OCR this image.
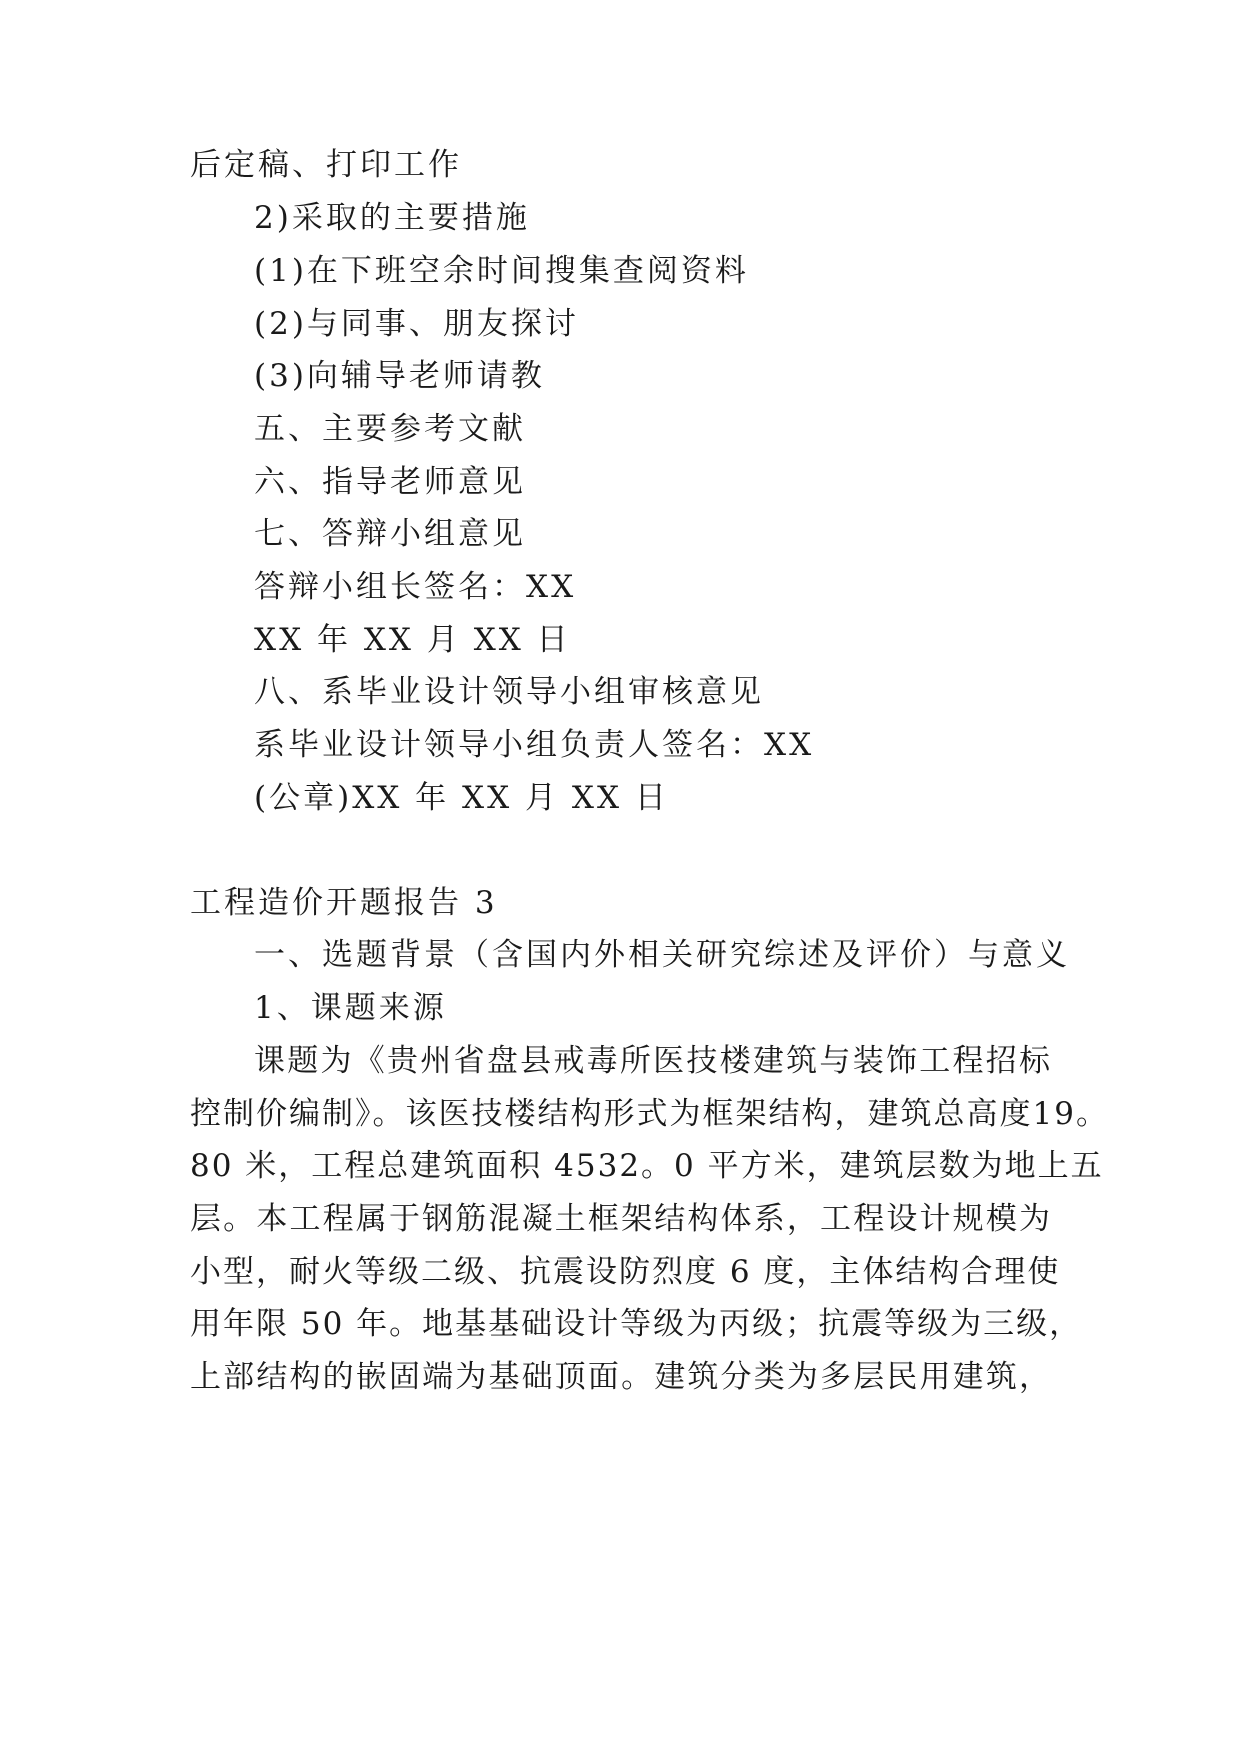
后定稿、打印工作
2)采取的主要措施
(1)在下班空余时间搜集查阅资料
(2)与同事、朋友探讨
(3)向辅导老师请教
五、主要参考文献
六、指导老师意见
七、答辩小组意见
答辩小组长签名：XX
XX 年 XX 月 XX 日
八、系毕业设计领导小组审核意见
系毕业设计领导小组负责人签名：XX
(公章)XX 年 XX 月 XX 日
工程造价开题报告 3
一、选题背景（含国内外相关研究综述及评价）与意义
1、课题来源
课题为《贵州省盘县戒毒所医技楼建筑与装饰工程招标
控制价编制》。该医技楼结构形式为框架结构，建筑总高度19。
80 米，工程总建筑面积 4532。0 平方米，建筑层数为地上五
层。本工程属于钢筋混凝土框架结构体系，工程设计规模为
小型，耐火等级二级、抗震设防烈度 6 度，主体结构合理使
用年限 50 年。地基基础设计等级为丙级；抗震等级为三级，
上部结构的嵌固端为基础顶面。建筑分类为多层民用建筑，
